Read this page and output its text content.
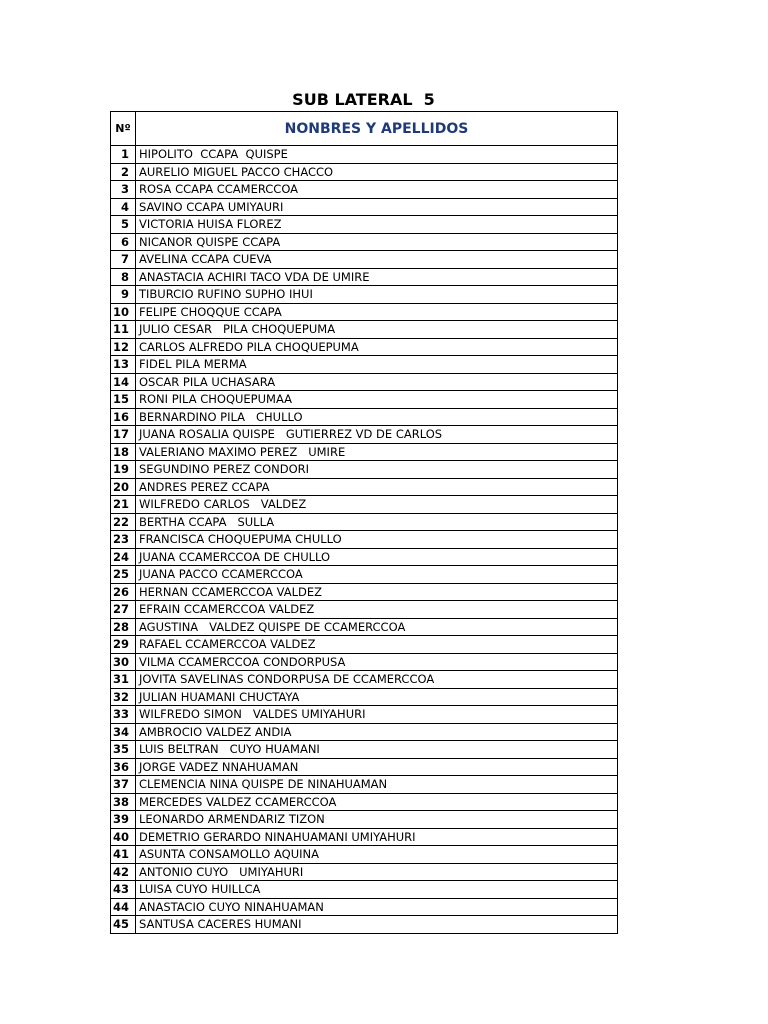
SUB LATERAL  5
Nº	NONBRES Y APELLIDOS
1	HIPOLITO  CCAPA  QUISPE
2	AURELIO MIGUEL PACCO CHACCO
3	ROSA CCAPA CCAMERCCOA
4	SAVINO CCAPA UMIYAURI
5	VICTORIA HUISA FLOREZ
6	NICANOR QUISPE CCAPA
7	AVELINA CCAPA CUEVA
8	ANASTACIA ACHIRI TACO VDA DE UMIRE
9	TIBURCIO RUFINO SUPHO IHUI
10	FELIPE CHOQQUE CCAPA
11	JULIO CESAR   PILA CHOQUEPUMA
12	CARLOS ALFREDO PILA CHOQUEPUMA
13	FIDEL PILA MERMA
14	OSCAR PILA UCHASARA
15	RONI PILA CHOQUEPUMAA
16	BERNARDINO PILA   CHULLO
17	JUANA ROSALIA QUISPE   GUTIERREZ VD DE CARLOS
18	VALERIANO MAXIMO PEREZ   UMIRE
19	SEGUNDINO PEREZ CONDORI
20	ANDRES PEREZ CCAPA
21	WILFREDO CARLOS   VALDEZ
22	BERTHA CCAPA   SULLA
23	FRANCISCA CHOQUEPUMA CHULLO
24	JUANA CCAMERCCOA DE CHULLO
25	JUANA PACCO CCAMERCCOA
26	HERNAN CCAMERCCOA VALDEZ
27	EFRAIN CCAMERCCOA VALDEZ
28	AGUSTINA   VALDEZ QUISPE DE CCAMERCCOA
29	RAFAEL CCAMERCCOA VALDEZ
30	VILMA CCAMERCCOA CONDORPUSA
31	JOVITA SAVELINAS CONDORPUSA DE CCAMERCCOA
32	JULIAN HUAMANI CHUCTAYA
33	WILFREDO SIMON   VALDES UMIYAHURI
34	AMBROCIO VALDEZ ANDIA
35	LUIS BELTRAN   CUYO HUAMANI
36	JORGE VADEZ NNAHUAMAN
37	CLEMENCIA NINA QUISPE DE NINAHUAMAN
38	MERCEDES VALDEZ CCAMERCCOA
39	LEONARDO ARMENDARIZ TIZON
40	DEMETRIO GERARDO NINAHUAMANI UMIYAHURI
41	ASUNTA CONSAMOLLO AQUINA
42	ANTONIO CUYO   UMIYAHURI
43	LUISA CUYO HUILLCA
44	ANASTACIO CUYO NINAHUAMAN
45	SANTUSA CACERES HUMANI
